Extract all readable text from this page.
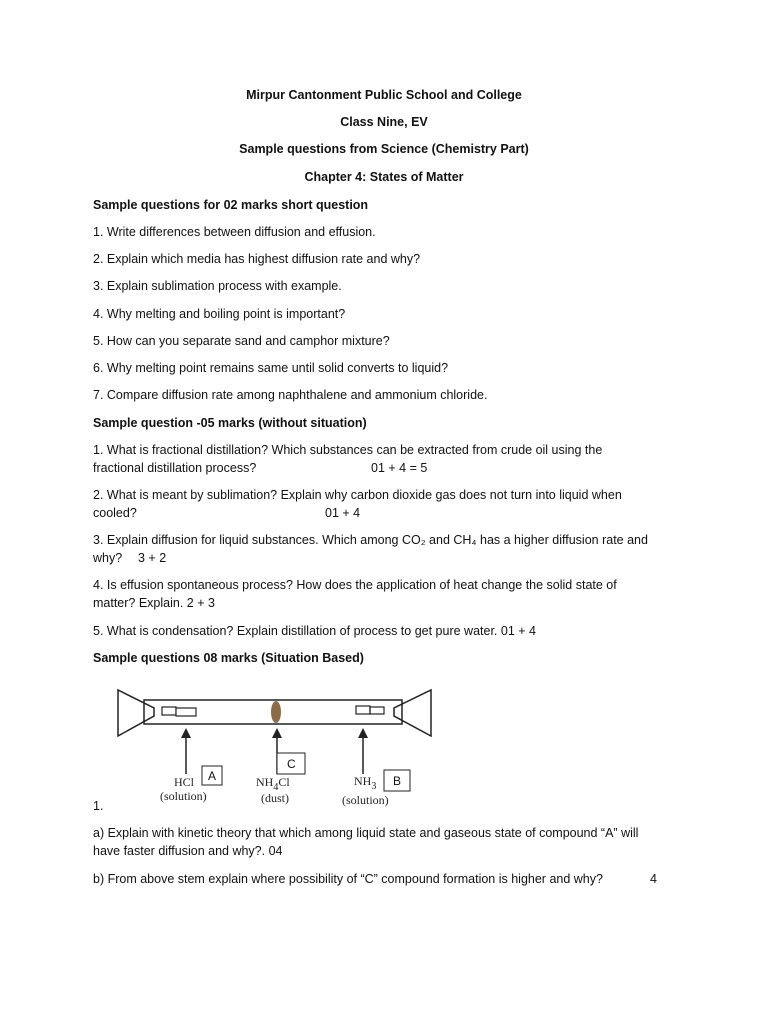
Mirpur Cantonment Public School and College
Class Nine, EV
Sample questions from Science (Chemistry Part)
Chapter 4: States of Matter
Sample questions for 02 marks short question
1. Write differences between diffusion and effusion.
2. Explain which media has highest diffusion rate and why?
3. Explain sublimation process with example.
4. Why melting and boiling point is important?
5. How can you separate sand and camphor mixture?
6. Why melting point remains same until solid converts to liquid?
7. Compare diffusion rate among naphthalene and ammonium chloride.
Sample question -05 marks (without situation)
1. What is fractional distillation? Which substances can be extracted from crude oil using the
fractional distillation process?	01 + 4 = 5
2. What is meant by sublimation? Explain why carbon dioxide gas does not turn into liquid when
cooled?	01 + 4
3. Explain diffusion for liquid substances. Which among CO₂ and CH₄ has a higher diffusion rate and
why?	3 + 2
4. Is effusion spontaneous process? How does the application of heat change the solid state of
matter? Explain. 2 + 3
5. What is condensation? Explain distillation of process to get pure water. 01 + 4
Sample questions 08 marks (Situation Based)
HCl
(solution)
$NH_4Cl$
(dust)
$NH_3$
(solution)
A
C
B
1.
a) Explain with kinetic theory that which among liquid state and gaseous state of compound “A” will
have faster diffusion and why?. 04
b) From above stem explain where possibility of “C” compound formation is higher and why?	4
